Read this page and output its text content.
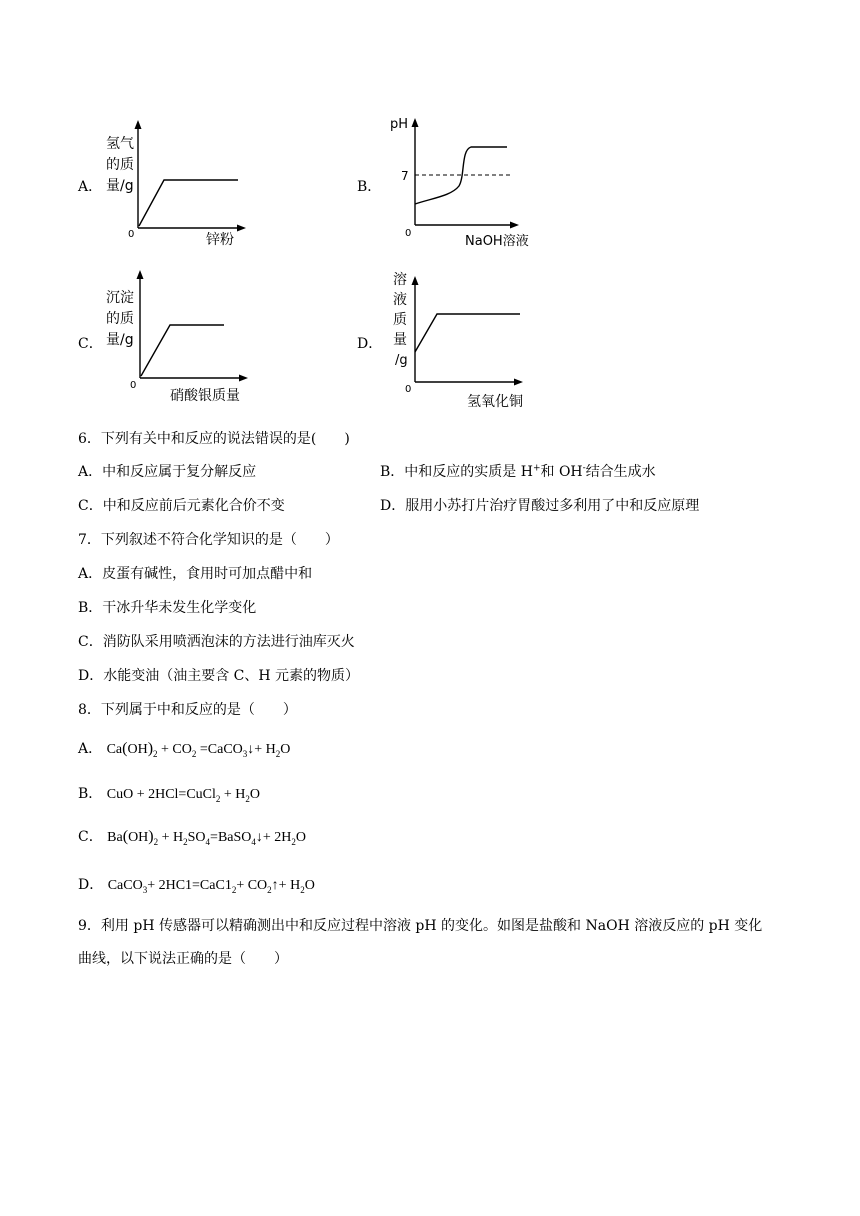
A．
氢气
的质
量/g
0	锌粉
B．
pH
7
0
NaOH溶液
C．
沉淀
的质
量/g
0
硝酸银质量
D．
溶
液
质
量
/g
0
氢氧化铜
6．下列有关中和反应的说法错误的是(　　)
A．中和反应属于复分解反应	B．中和反应的实质是 H+和 OH-结合生成水
C．中和反应前后元素化合价不变	D．服用小苏打片治疗胃酸过多利用了中和反应原理
7．下列叙述不符合化学知识的是（　　）
A．皮蛋有碱性，食用时可加点醋中和
B．干冰升华未发生化学变化
C．消防队采用喷洒泡沫的方法进行油库灭火
D．水能变油（油主要含 C、H 元素的物质）
8．下列属于中和反应的是（　　）
A． $Ca(OH)_2 + CO_2$ =CaCO$_3$↓+ $H_2O$
B． CuO + 2HCl=CuCl$_2$ + $H_2O$
C． $Ba(OH)_2$ + $H_2SO_4=BaSO_4↓+ 2H_2O$
D． CaCO$_3$+ $2HC1=CaC1_2+$ $CO_2↑+ H_2O$
9．利用 pH 传感器可以精确测出中和反应过程中溶液 pH 的变化。如图是盐酸和 NaOH 溶液反应的 pH 变化
曲线，以下说法正确的是（　　）
